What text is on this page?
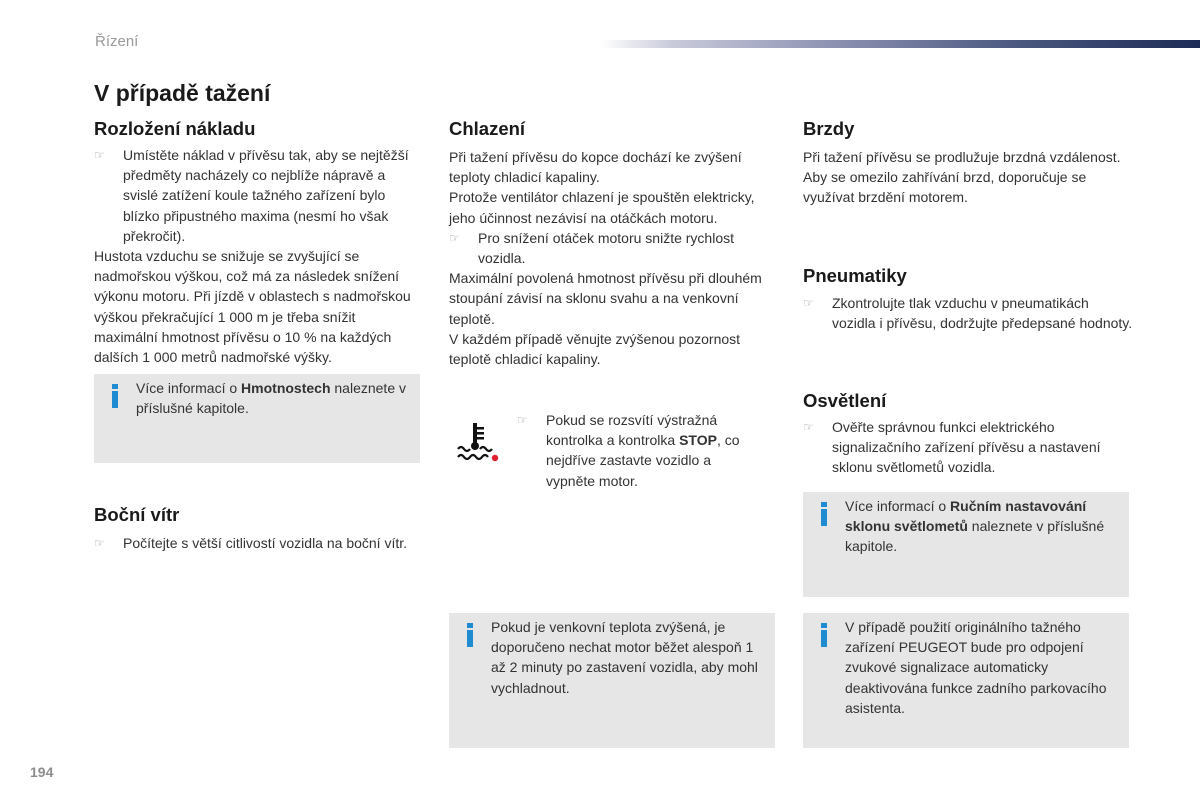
Řízení
V případě tažení
Rozložení nákladu
☞ Umístěte náklad v přívěsu tak, aby se nejtěžší předměty nacházely co nejblíže nápravě a svislé zatížení koule tažného zařízení bylo blízko připustného maxima (nesmí ho však překročit).

Hustota vzduchu se snižuje se zvyšující se nadmořskou výškou, což má za následek snížení výkonu motoru. Při jízdě v oblastech s nadmořskou výškou překračující 1 000 m je třeba snížit maximální hmotnost přívěsu o 10 % na každých dalších 1 000 metrů nadmořské výšky.

Více informací o Hmotnostech naleznete v příslušné kapitole.
Boční vítr
☞ Počítejte s větší citlivostí vozidla na boční vítr.
Chlazení

Při tažení přívěsu do kopce dochází ke zvýšení teploty chladicí kapaliny.

Protože ventilátor chlazení je spouštěn elektricky, jeho účinnost nezávisí na otáčkách motoru.

☞ Pro snížení otáček motoru snižte rychlost vozidla.

Maximální povolená hmotnost přívěsu při dlouhém stoupání závisí na sklonu svahu a na venkovní teplotě.

V každém případě věnujte zvýšenou pozornost teplotě chladicí kapaliny.

☞ Pokud se rozsvítí výstražná kontrolka a kontrolka STOP, co nejdříve zastavte vozidlo a vypněte motor.
Pokud je venkovní teplota zvýšená, je doporučeno nechat motor běžet alespoň 1 až 2 minuty po zastavení vozidla, aby mohl vychladnout.
Brzdy

Při tažení přívěsu se prodlužuje brzdná vzdálenost.

Aby se omezilo zahřívání brzd, doporučuje se využívat brzdění motorem.

Pneumatiky
☞ Zkontrolujte tlak vzduchu v pneumatikách vozidla i přívěsu, dodržujte předepsané hodnoty.
Osvětlení
☞ Ověřte správnou funkci elektrického signalizačního zařízení přívěsu a nastavení sklonu světlometů vozidla.
Více informací o Ručním nastavování sklonu světlometů naleznete v příslušné kapitole.
V případě použití originálního tažného zařízení PEUGEOT bude pro odpojení zvukové signalizace automaticky deaktivována funkce zadního parkovacího asistenta.
194
